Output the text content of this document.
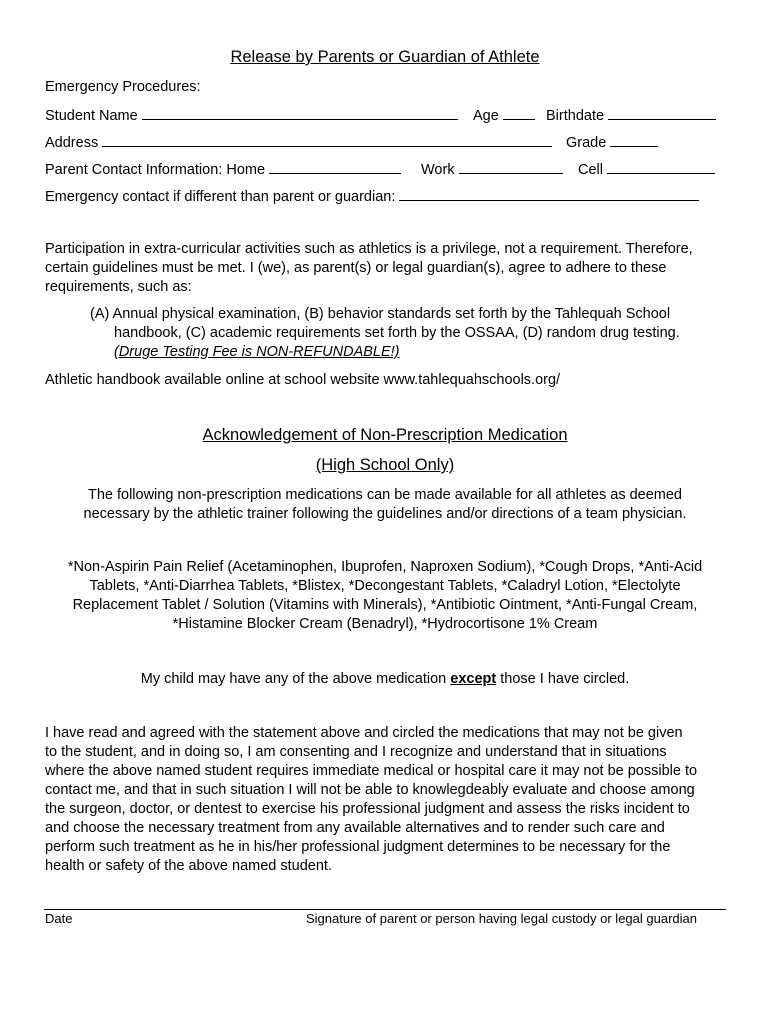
Release by Parents or Guardian of Athlete
Emergency Procedures:
Student Name	Age	Birthdate
Address	Grade
Parent Contact Information: Home	Work	Cell
Emergency contact if different than parent or guardian:
Participation in extra-curricular activities such as athletics is a privilege, not a requirement. Therefore,
certain guidelines must be met. I (we), as parent(s) or legal guardian(s), agree to adhere to these
requirements, such as:
(A) Annual physical examination, (B) behavior standards set forth by the Tahlequah School
handbook, (C) academic requirements set forth by the OSSAA, (D) random drug testing.
(Druge Testing Fee is NON-REFUNDABLE!)
Athletic handbook available online at school website www.tahlequahschools.org/
Acknowledgement of Non-Prescription Medication
(High School Only)
The following non-prescription medications can be made available for all athletes as deemed
necessary by the athletic trainer following the guidelines and/or directions of a team physician.
*Non-Aspirin Pain Relief (Acetaminophen, Ibuprofen, Naproxen Sodium), *Cough Drops, *Anti-Acid
Tablets, *Anti-Diarrhea Tablets, *Blistex, *Decongestant Tablets, *Caladryl Lotion, *Electolyte
Replacement Tablet / Solution (Vitamins with Minerals), *Antibiotic Ointment, *Anti-Fungal Cream,
*Histamine Blocker Cream (Benadryl), *Hydrocortisone 1% Cream
My child may have any of the above medication except those I have circled.
I have read and agreed with the statement above and circled the medications that may not be given
to the student, and in doing so, I am consenting and I recognize and understand that in situations
where the above named student requires immediate medical or hospital care it may not be possible to
contact me, and that in such situation I will not be able to knowlegdeably evaluate and choose among
the surgeon, doctor, or dentest to exercise his professional judgment and assess the risks incident to
and choose the necessary treatment from any available alternatives and to render such care and
perform such treatment as he in his/her professional judgment determines to be necessary for the
health or safety of the above named student.
Date	Signature of parent or person having legal custody or legal guardian
